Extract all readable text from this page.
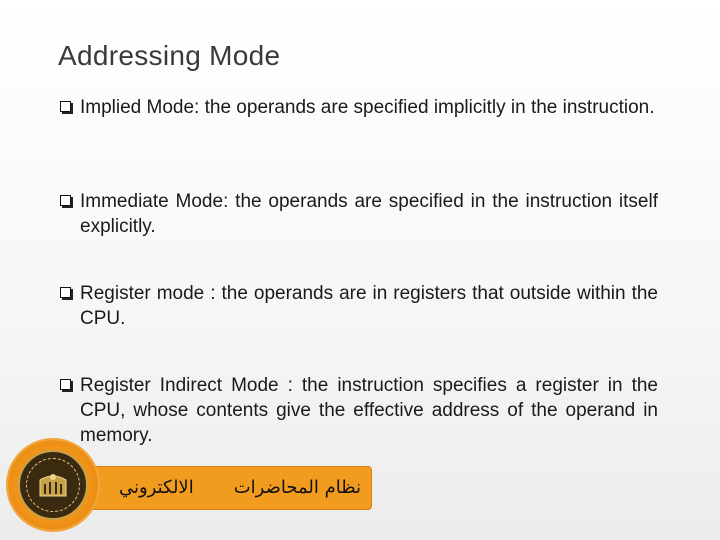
Addressing Mode

Implied Mode: the operands are specified implicitly in the instruction.

Immediate Mode: the operands are specified in the instruction itself explicitly.

Register mode : the operands are in registers that outside within the CPU.

Register Indirect Mode : the instruction specifies a register in the CPU, whose contents give the effective address of the operand in memory.

نظام المحاضراتالالكتروني
